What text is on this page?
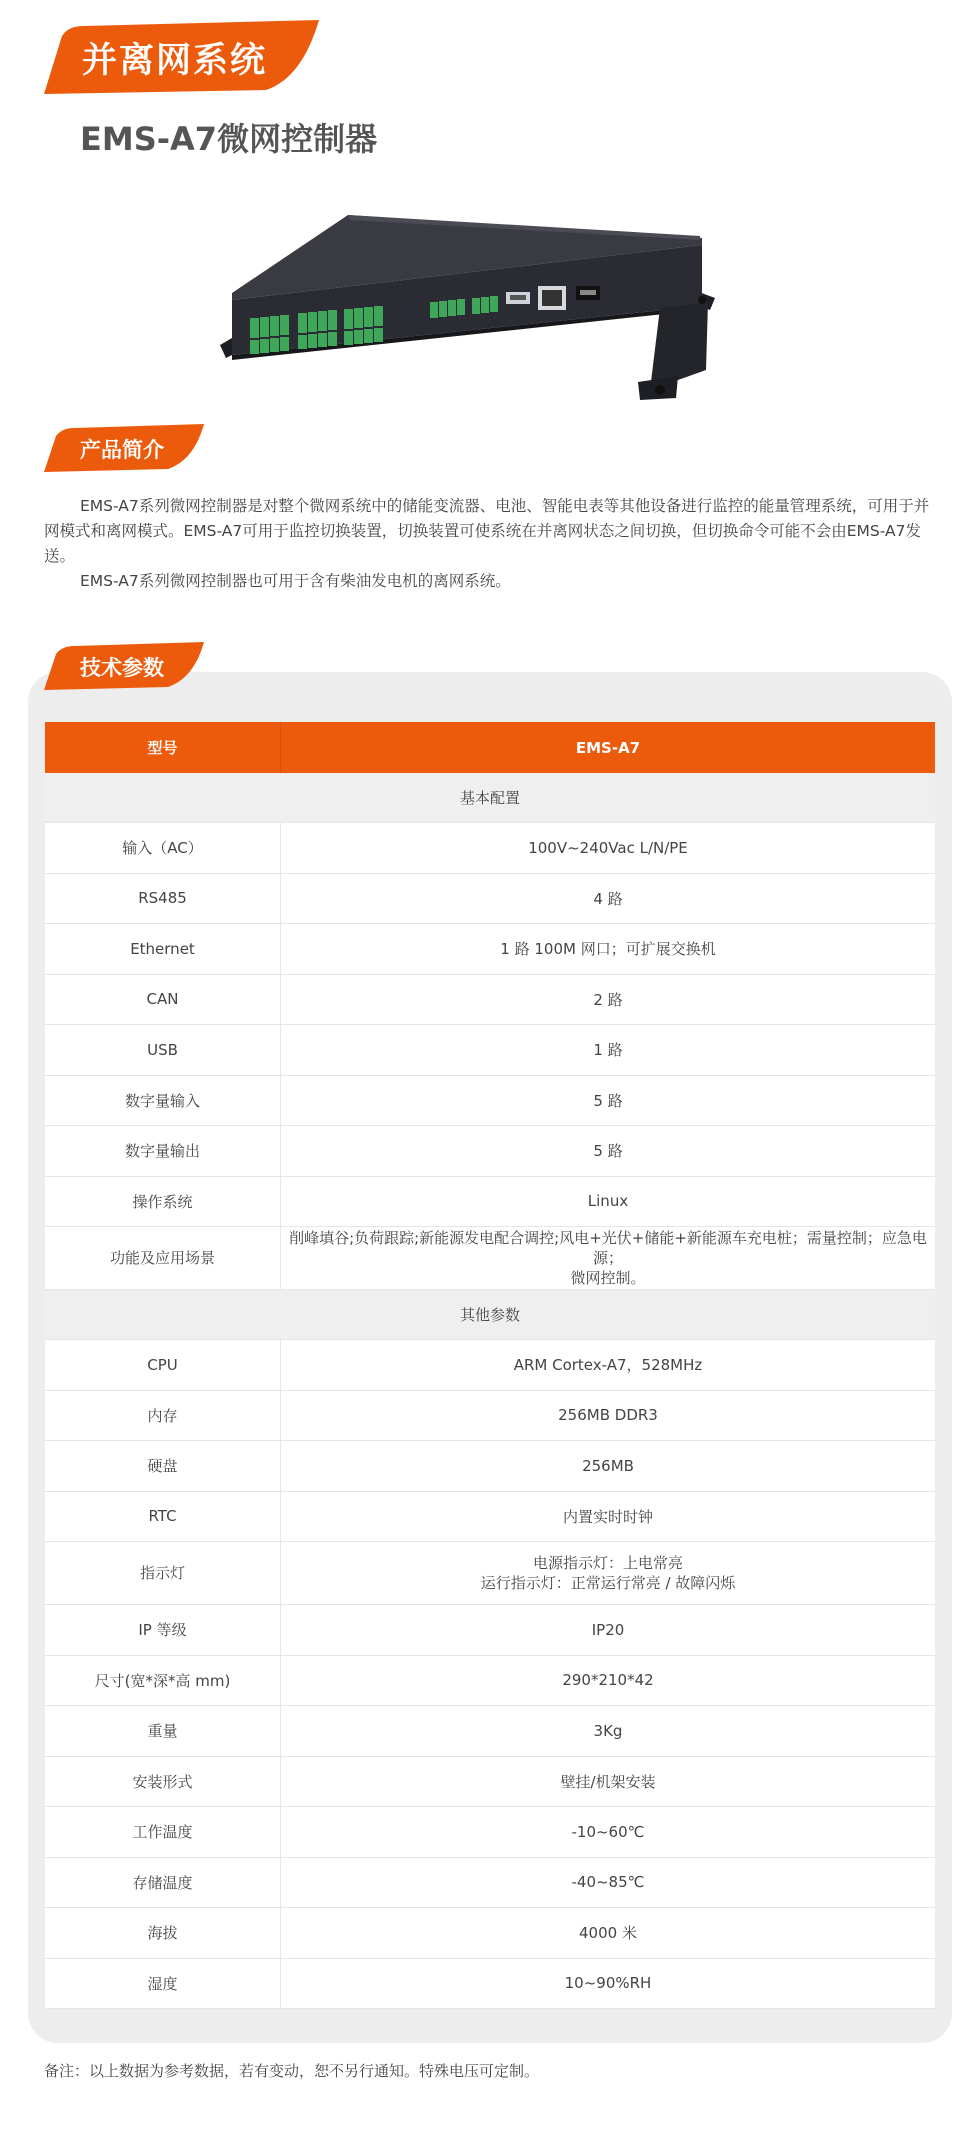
并离网系统
EMS-A7微网控制器
产品简介

EMS-A7系列微网控制器是对整个微网系统中的储能变流器、电池、智能电表等其他设备进行监控的能量管理系统，可用于并网模式和离网模式。EMS-A7可用于监控切换装置，切换装置可使系统在并离网状态之间切换，但切换命令可能不会由EMS-A7发送。

EMS-A7系列微网控制器也可用于含有柴油发电机的离网系统。

技术参数
型号	EMS-A7
基本配置	
输入（AC）	100V~240Vac L/N/PE
RS485	4 路
Ethernet	1 路 100M 网口；可扩展交换机
CAN	2 路
USB	1 路
数字量输入	5 路
数字量输出	5 路
操作系统	Linux
功能及应用场景	削峰填谷;负荷跟踪;新能源发电配合调控;风电+光伏+储能+新能源车充电桩；需量控制；应急电源；
微网控制。

其他参数	
CPU	ARM Cortex-A7，528MHz
内存	256MB DDR3
硬盘	256MB
RTC	内置实时时钟
指示灯	电源指示灯：上电常亮
运行指示灯：正常运行常亮 / 故障闪烁

IP 等级	IP20
尺寸(宽*深*高 mm)	290*210*42
重量	3Kg
安装形式	壁挂/机架安装
工作温度	-10~60℃
存储温度	-40~85℃
海拔	4000 米
湿度	10~90%RH
备注：以上数据为参考数据，若有变动，恕不另行通知。特殊电压可定制。
